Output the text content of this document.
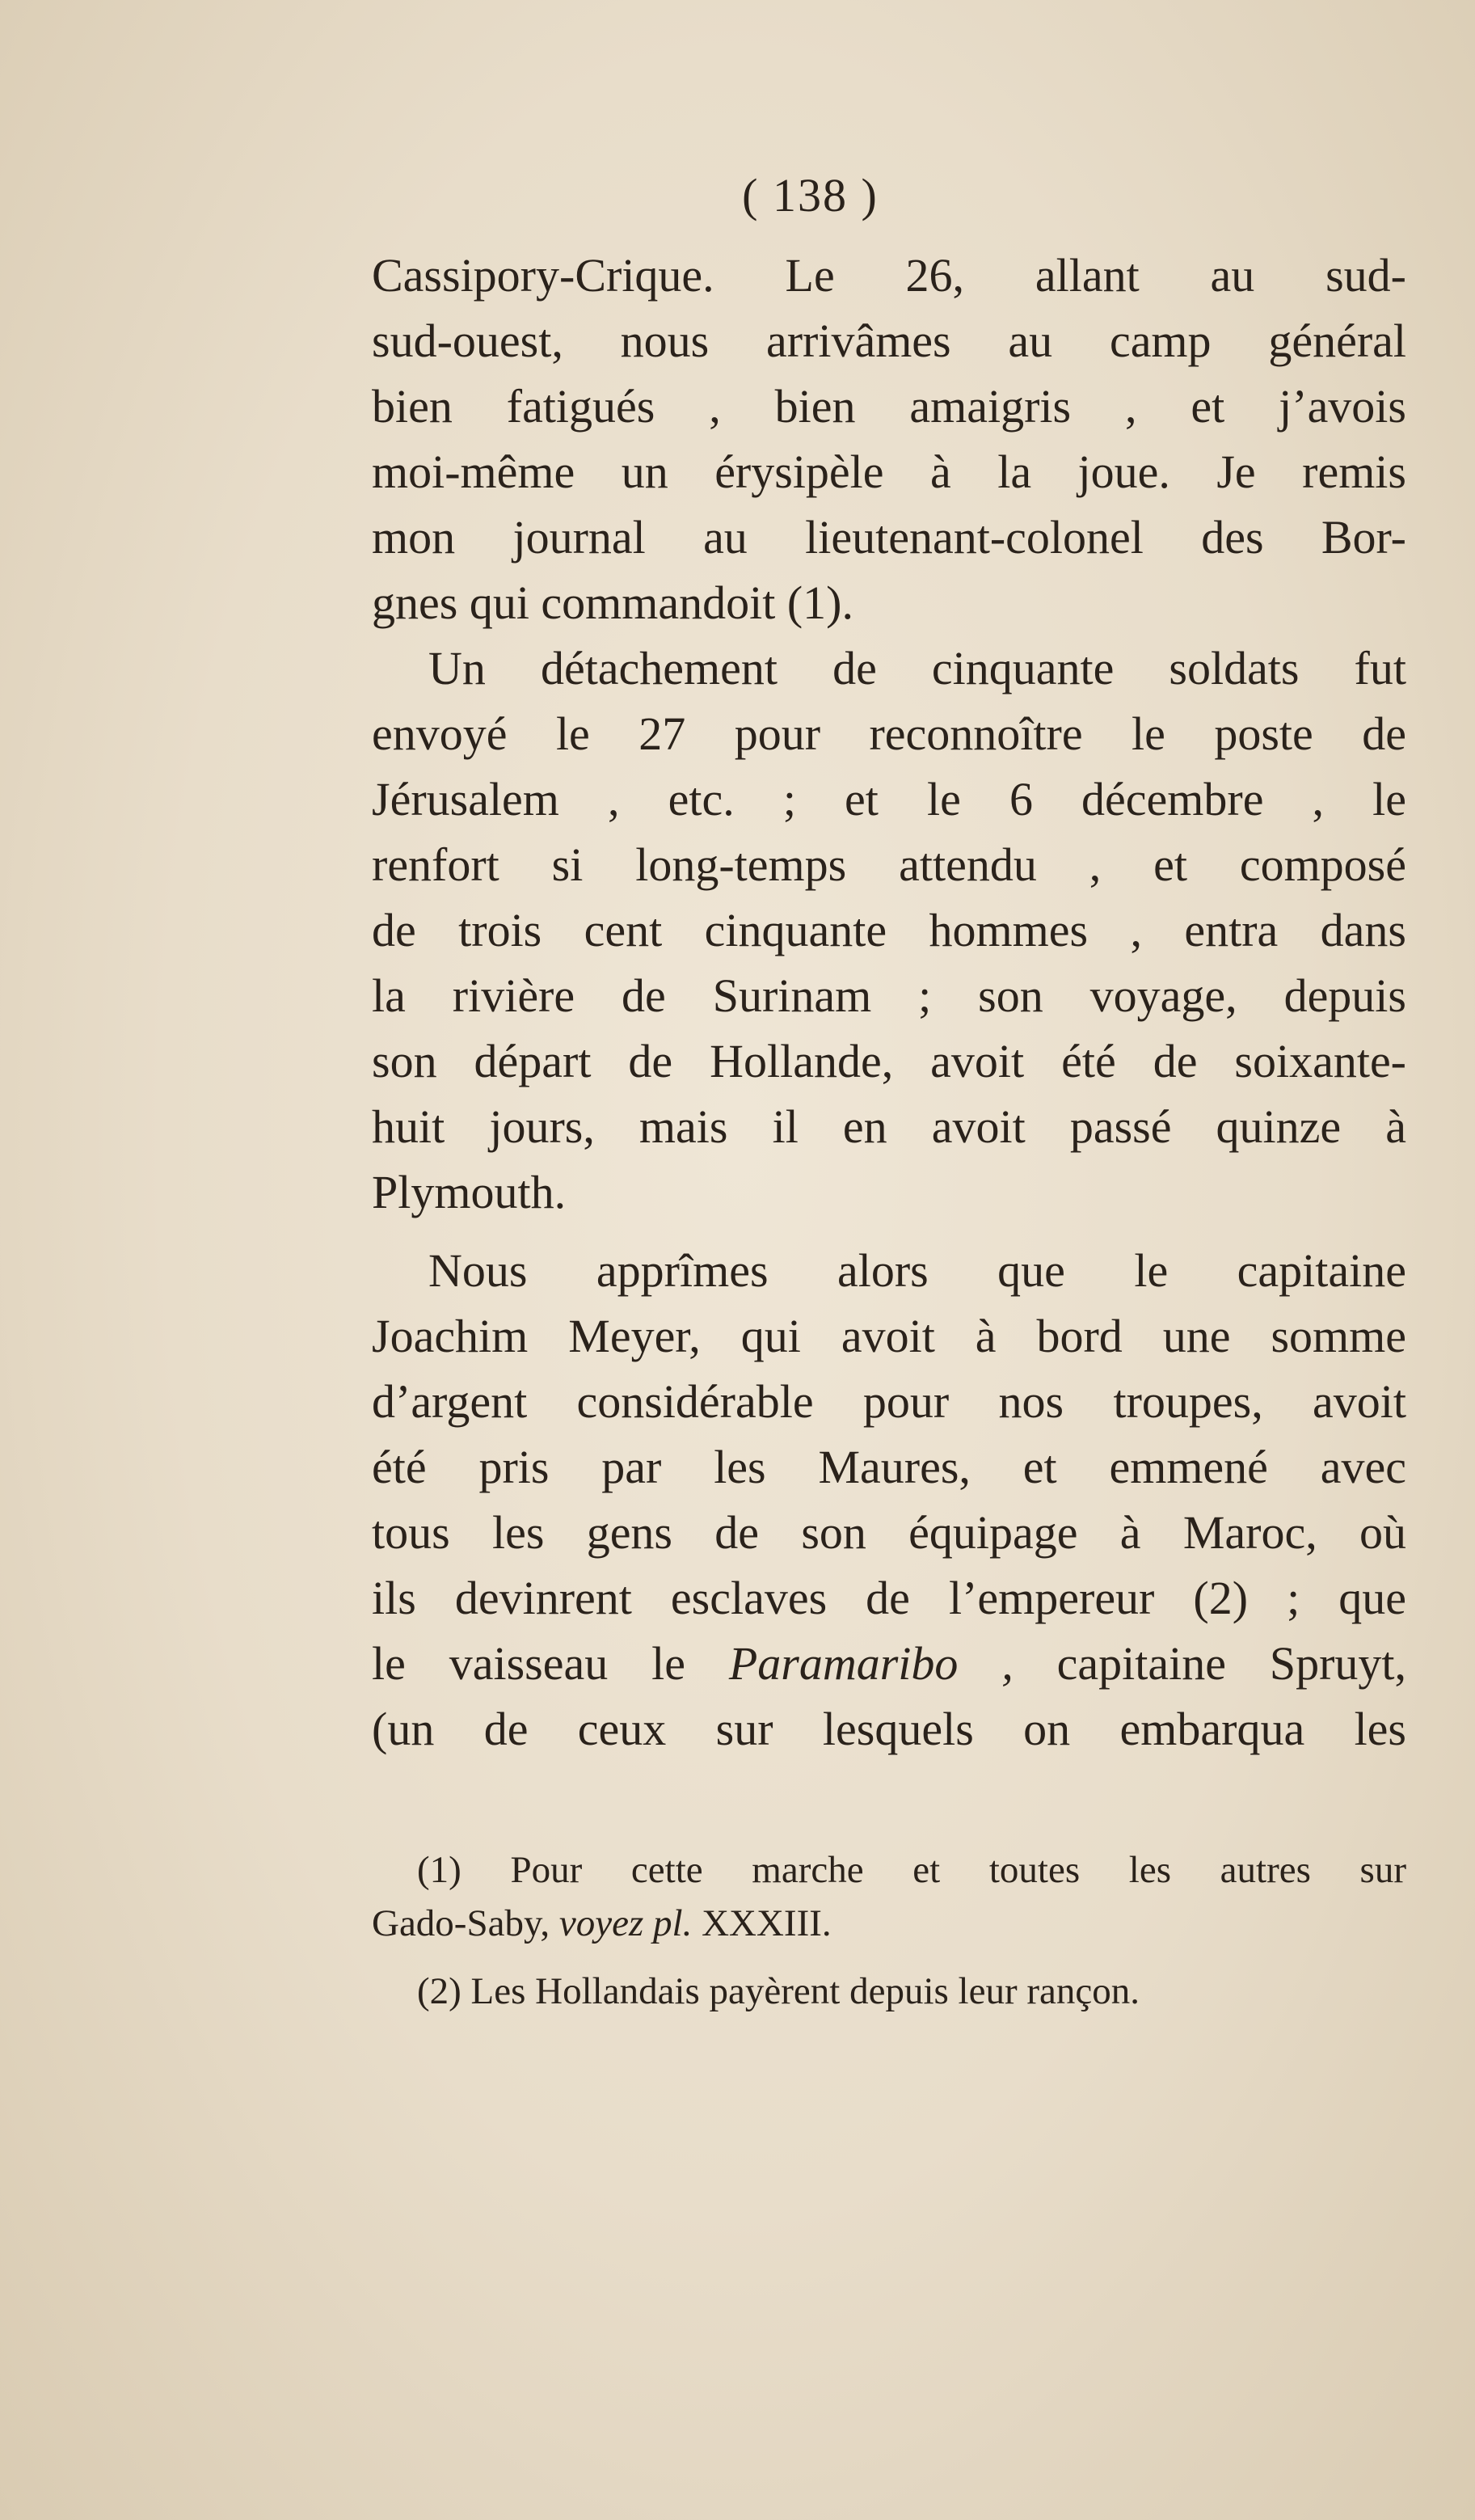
( 138 )
Cassipory-Crique. Le 26, allant au sud-
sud-ouest, nous arrivâmes au camp général
bien fatigués , bien amaigris , et j’avois
moi-même un érysipèle à la joue. Je remis
mon journal au lieutenant-colonel des Bor-
gnes qui commandoit (1).
Un détachement de cinquante soldats fut
envoyé le 27 pour reconnoître le poste de
Jérusalem , etc. ; et le 6 décembre , le
renfort si long-temps attendu , et composé
de trois cent cinquante hommes , entra dans
la rivière de Surinam ; son voyage, depuis
son départ de Hollande, avoit été de soixante-
huit jours, mais il en avoit passé quinze à
Plymouth.
Nous apprîmes alors que le capitaine
Joachim Meyer, qui avoit à bord une somme
d’argent considérable pour nos troupes, avoit
été pris par les Maures, et emmené avec
tous les gens de son équipage à Maroc, où
ils devinrent esclaves de l’empereur (2) ; que
le vaisseau le Paramaribo , capitaine Spruyt,
(un de ceux sur lesquels on embarqua les
(1) Pour cette marche et toutes les autres sur
Gado-Saby, voyez pl. XXXIII.
(2) Les Hollandais payèrent depuis leur rançon.
